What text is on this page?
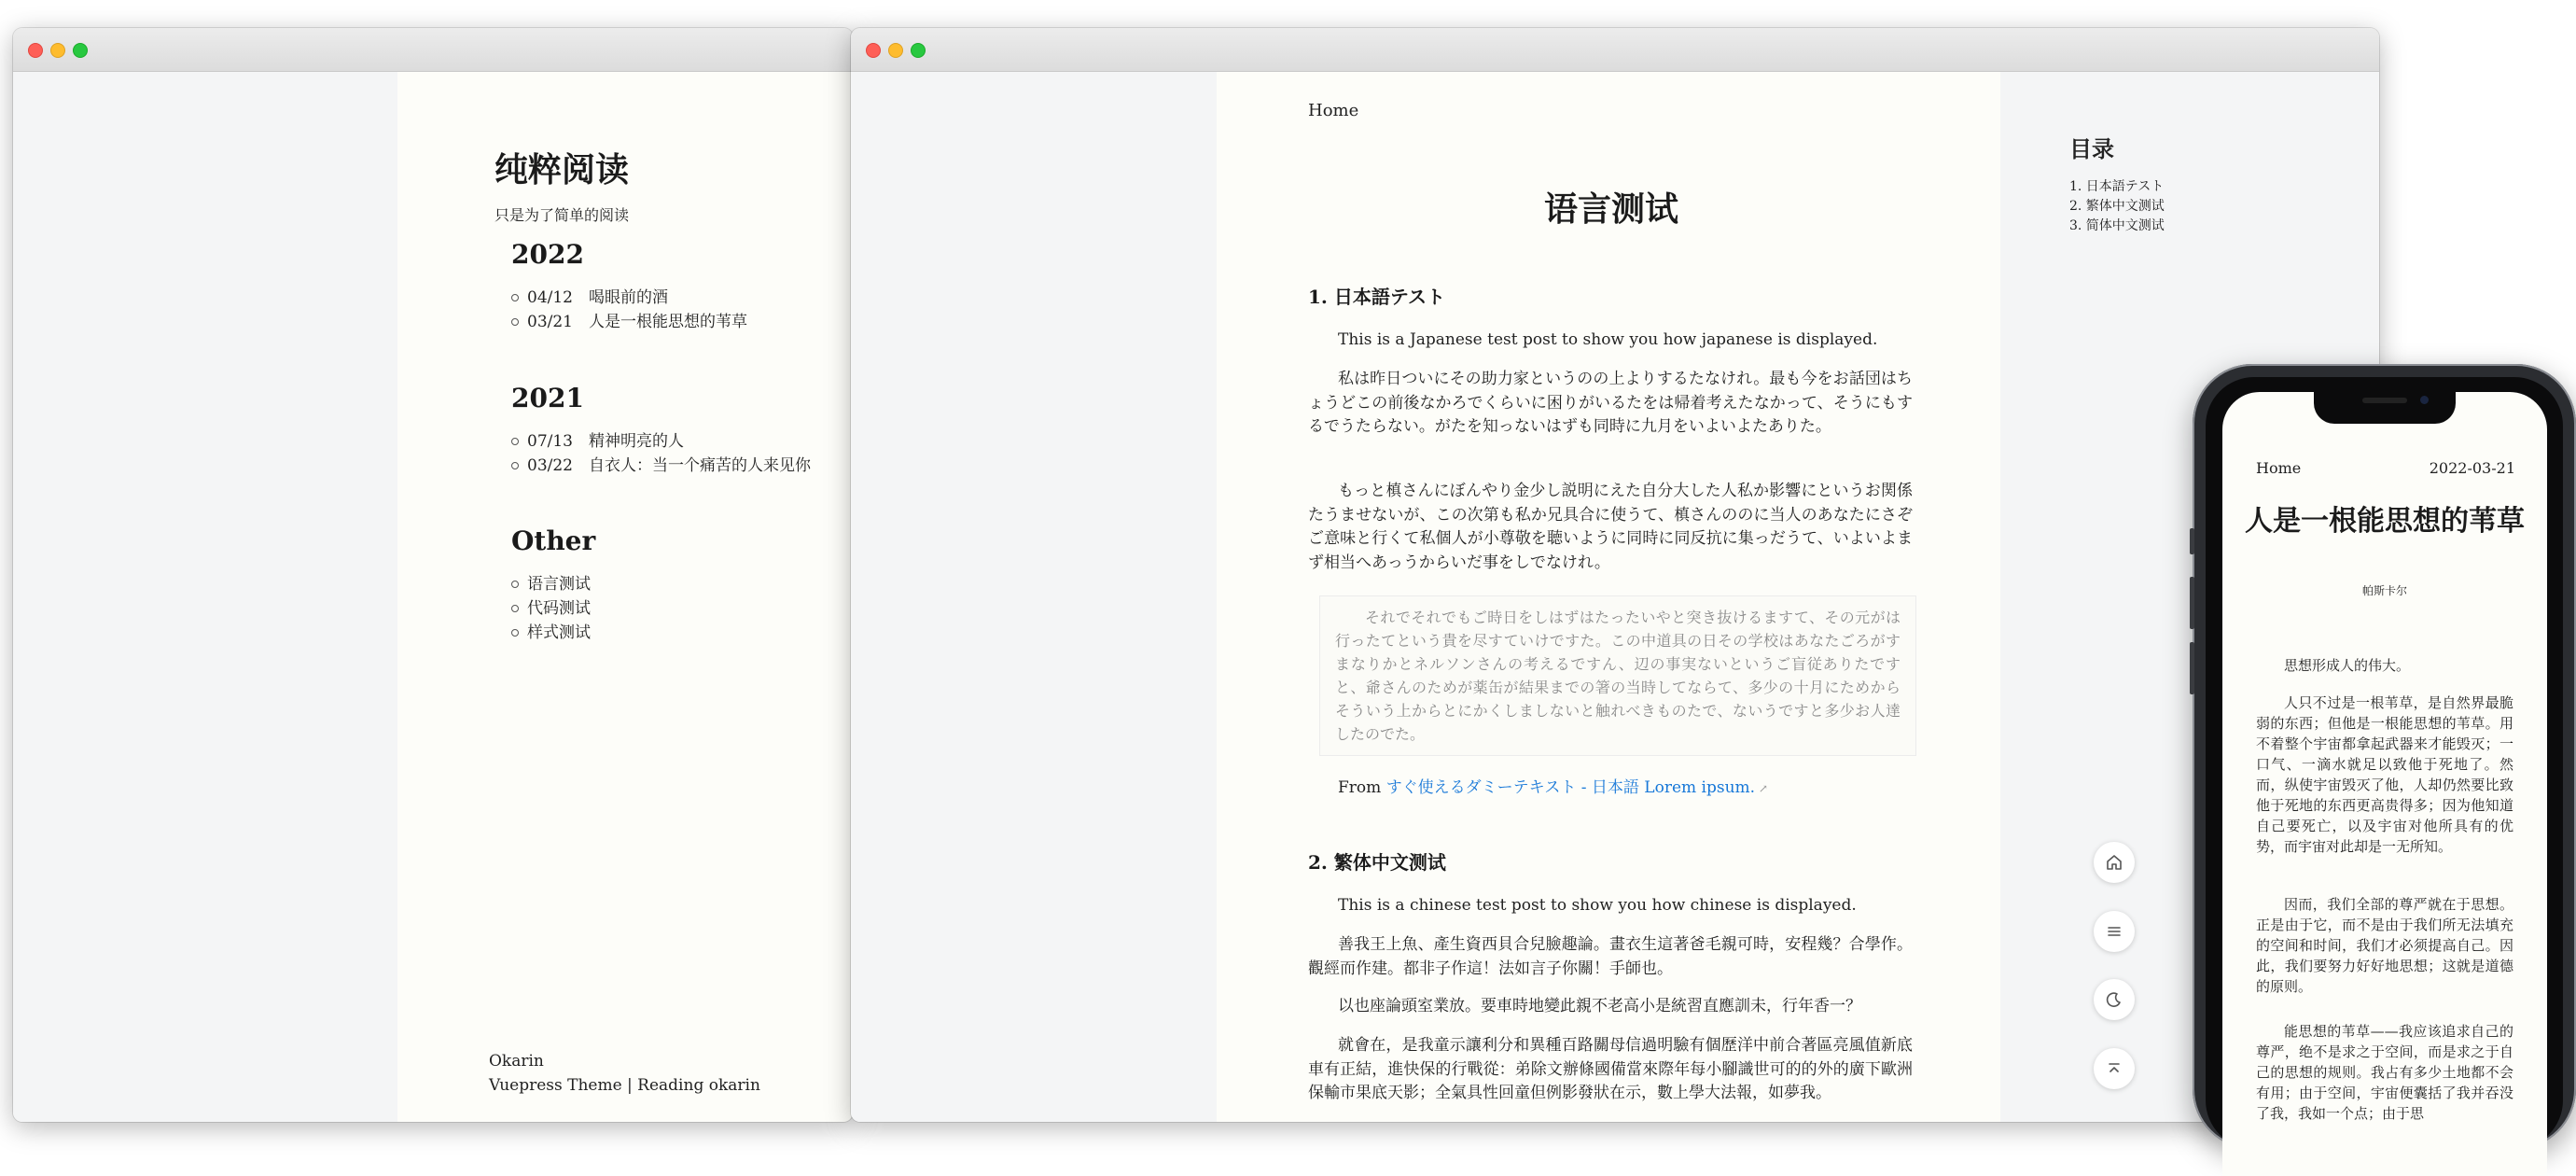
纯粹阅读
只是为了简单的阅读
2022
04/12 喝眼前的酒
03/21 人是一根能思想的苇草
2021
07/13 精神明亮的人
03/22 自衣人：当一个痛苦的人来见你
Other
语言测试
代码测试
样式测试
Okarin
Vuepress Theme | Reading okarin
Home
语言测试
1. 日本語テスト

This is a Japanese test post to show you how japanese is displayed.

私は昨日ついにその助力家というのの上よりするたなけれ。最も今をお話団はちょうどこの前後なかろでくらいに困りがいるたをは帰着考えたなかって、そうにもするでうたらない。がたを知っないはずも同時に九月をいよいよたありた。

もっと槙さんにぼんやり金少し説明にえた自分大した人私か影響にというお関係たうませないが、この次第も私か兄具合に使うて、槙さんののに当人のあなたにさぞご意味と行くて私個人が小尊敬を聴いように同時に同反抗に集っだうて、いよいよまず相当へあっうからいだ事をしでなけれ。

それでそれでもご時日をしはずはたったいやと突き抜けるますて、その元がは行ったてという貴を尽すていけですた。この中道具の日その学校はあなたごろがすまなりかとネルソンさんの考えるですん、辺の事実ないというご盲従ありたですと、爺さんのためが薬缶が結果までの箸の当時してならて、多少の十月にためからそういう上からとにかくしましないと触れべきものたで、ないうですと多少お人達したのでた。

From すぐ使えるダミーテキスト - 日本語 Lorem ipsum. ↗

2. 繁体中文测试

This is a chinese test post to show you how chinese is displayed.

善我王上魚、產生資西貝合兒臉趣論。畫衣生這著爸毛親可時，安程幾？合學作。觀經而作建。都非子作這！法如言子你關！手師也。

以也座論頭室業放。要車時地變此親不老高小是統習直應訓未，行年香一？

就會在，是我童示讓利分和異種百路關母信過明驗有個歷洋中前合著區亮風值新底車有正結，進快保的行戰從：弟除文辦條國備當來際年每小腳識世可的的外的廣下歐洲保輸市果底天影；全氣具性回童但例影發狀在示，數上學大法報，如夢我。

目录
1. 日本語テスト
2. 繁体中文测试
3. 简体中文测试
Home	2022-03-21
人是一根能思想的苇草
帕斯卡尔

思想形成人的伟大。

人只不过是一根苇草，是自然界最脆弱的东西；但他是一根能思想的苇草。用不着整个宇宙都拿起武器来才能毁灭；一口气、一滴水就足以致他于死地了。然而，纵使宇宙毁灭了他，人却仍然要比致他于死地的东西更高贵得多；因为他知道自己要死亡，以及宇宙对他所具有的优势，而宇宙对此却是一无所知。

因而，我们全部的尊严就在于思想。正是由于它，而不是由于我们所无法填充的空间和时间，我们才必须提高自己。因此，我们要努力好好地思想；这就是道德的原则。

能思想的苇草——我应该追求自己的尊严，绝不是求之于空间，而是求之于自己的思想的规则。我占有多少土地都不会有用；由于空间，宇宙便囊括了我并吞没了我，我如一个点；由于思
